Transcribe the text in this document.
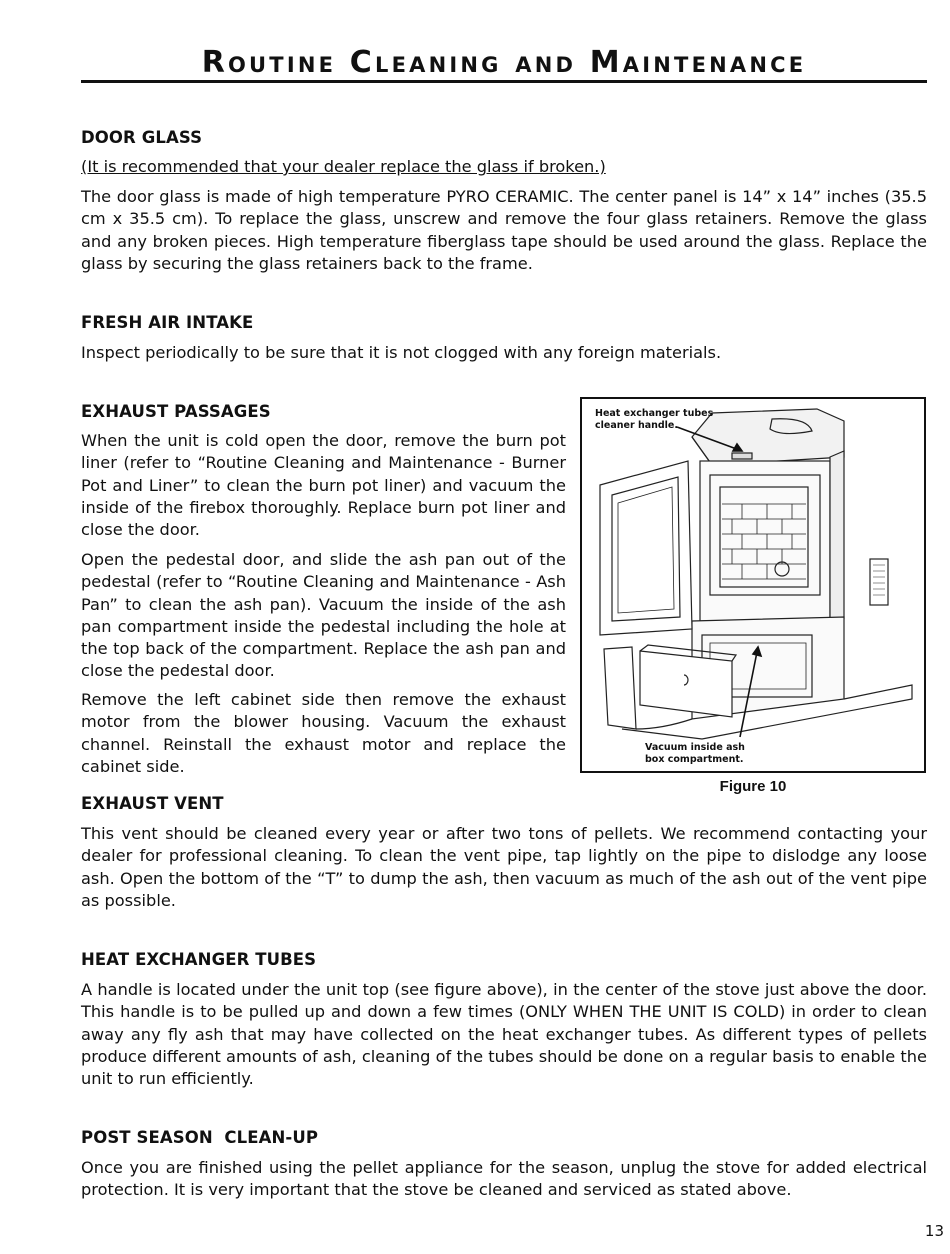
Routine Cleaning and Maintenance
DOOR GLASS

(It is recommended that your dealer replace the glass if broken.)

The door glass is made of high temperature PYRO CERAMIC. The center panel is 14” x 14” inches (35.5 cm x 35.5 cm). To replace the glass, unscrew and remove the four glass retainers. Remove the glass and any broken pieces. High temperature fiberglass tape should be used around the glass. Replace the glass by securing the glass retainers back to the frame.

FRESH AIR INTAKE

Inspect periodically to be sure that it is not clogged with any foreign materials.

EXHAUST PASSAGES

When the unit is cold open the door, remove the burn pot liner (refer to “Routine Cleaning and Maintenance - Burner Pot and Liner” to clean the burn pot liner) and vacuum the inside of the firebox thoroughly. Replace burn pot liner and close the door.

Open the pedestal door, and slide the ash pan out of the pedestal (refer to “Routine Cleaning and Maintenance - Ash Pan” to clean the ash pan). Vacuum the inside of the ash pan compartment inside the pedestal including the hole at the top back of the compartment. Replace the ash pan and close the pedestal door.

Remove the left cabinet side then remove the exhaust motor from the blower housing. Vacuum the exhaust channel. Reinstall the exhaust motor and replace the cabinet side.

Heat exchanger tubes
cleaner handle.

Vacuum inside ash
box compartment.

Figure 10

EXHAUST VENT

This vent should be cleaned every year or after two tons of pellets. We recommend contacting your dealer for professional cleaning. To clean the vent pipe, tap lightly on the pipe to dislodge any loose ash. Open the bottom of the “T” to dump the ash, then vacuum as much of the ash out of the vent pipe as possible.

HEAT EXCHANGER TUBES

A handle is located under the unit top (see figure above), in the center of the stove just above the door. This handle is to be pulled up and down a few times (ONLY WHEN THE UNIT IS COLD) in order to clean away any fly ash that may have collected on the heat exchanger tubes. As different types of pellets produce different amounts of ash, cleaning of the tubes should be done on a regular basis to enable the unit to run efficiently.

POST SEASON  CLEAN-UP

Once you are finished using the pellet appliance for the season, unplug the stove for added electrical protection. It is very important that the stove be cleaned and serviced as stated above.

13
